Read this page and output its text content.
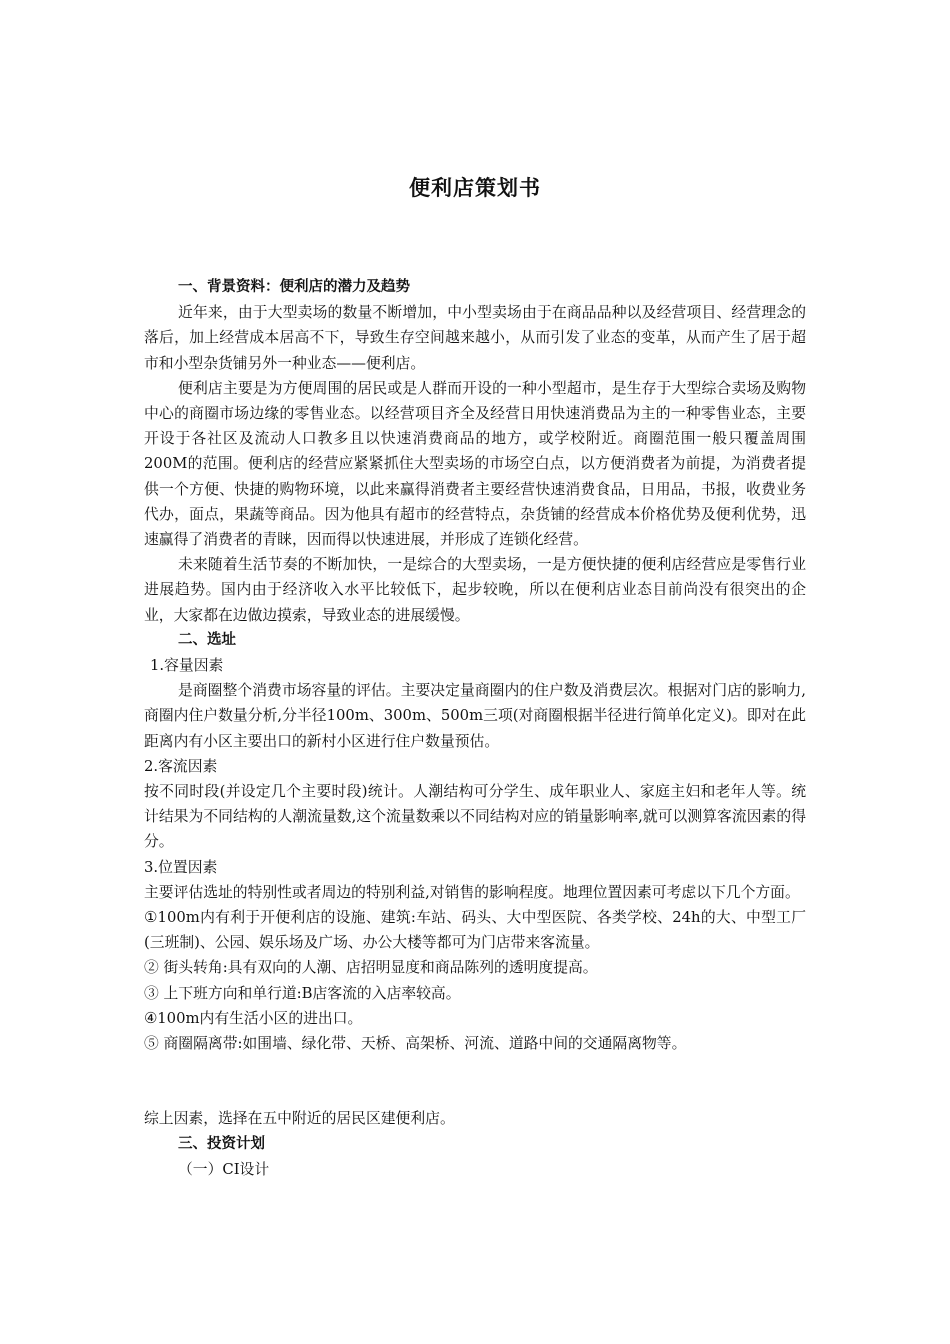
便利店策划书

一、背景资料：便利店的潜力及趋势

近年来，由于大型卖场的数量不断增加，中小型卖场由于在商品品种以及经营项目、经营理念的落后，加上经营成本居高不下，导致生存空间越来越小，从而引发了业态的变革，从而产生了居于超市和小型杂货铺另外一种业态——便利店。

便利店主要是为方便周围的居民或是人群而开设的一种小型超市，是生存于大型综合卖场及购物中心的商圈市场边缘的零售业态。以经营项目齐全及经营日用快速消费品为主的一种零售业态，主要开设于各社区及流动人口教多且以快速消费商品的地方，或学校附近。商圈范围一般只覆盖周围200M的范围。便利店的经营应紧紧抓住大型卖场的市场空白点，以方便消费者为前提，为消费者提供一个方便、快捷的购物环境，以此来赢得消费者主要经营快速消费食品，日用品，书报，收费业务代办，面点，果蔬等商品。因为他具有超市的经营特点，杂货铺的经营成本价格优势及便利优势，迅速赢得了消费者的青睐，因而得以快速进展，并形成了连锁化经营。

未来随着生活节奏的不断加快，一是综合的大型卖场，一是方便快捷的便利店经营应是零售行业进展趋势。国内由于经济收入水平比较低下，起步较晚，所以在便利店业态目前尚没有很突出的企业，大家都在边做边摸索，导致业态的进展缓慢。

二、选址

1.容量因素

是商圈整个消费市场容量的评估。主要决定量商圈内的住户数及消费层次。根据对门店的影响力,商圈内住户数量分析,分半径100m、300m、500m三项(对商圈根据半径进行简单化定义)。即对在此距离内有小区主要出口的新村小区进行住户数量预估。

2.客流因素

按不同时段(并设定几个主要时段)统计。人潮结构可分学生、成年职业人、家庭主妇和老年人等。统计结果为不同结构的人潮流量数,这个流量数乘以不同结构对应的销量影响率,就可以测算客流因素的得分。

3.位置因素

主要评估选址的特别性或者周边的特别利益,对销售的影响程度。地理位置因素可考虑以下几个方面。

①100m内有利于开便利店的设施、建筑:车站、码头、大中型医院、各类学校、24h的大、中型工厂(三班制)、公园、娱乐场及广场、办公大楼等都可为门店带来客流量。

② 街头转角:具有双向的人潮、店招明显度和商品陈列的透明度提高。

③ 上下班方向和单行道:B店客流的入店率较高。

④100m内有生活小区的进出口。

⑤ 商圈隔离带:如围墙、绿化带、天桥、高架桥、河流、道路中间的交通隔离物等。

综上因素，选择在五中附近的居民区建便利店。

三、投资计划

（一）CI设计
